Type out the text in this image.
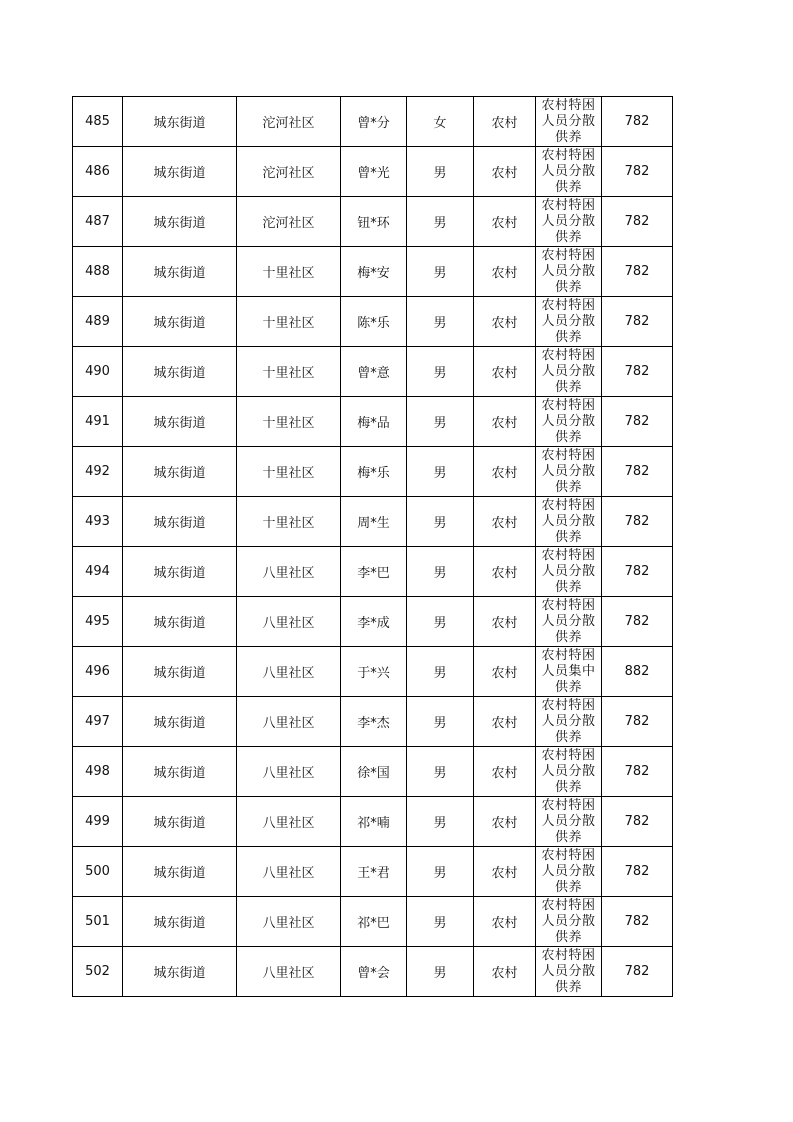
485	城东街道	沱河社区	曾*分	女	农村	农村特困人员分散供养	782
486	城东街道	沱河社区	曾*光	男	农村	农村特困人员分散供养	782
487	城东街道	沱河社区	钮*环	男	农村	农村特困人员分散供养	782
488	城东街道	十里社区	梅*安	男	农村	农村特困人员分散供养	782
489	城东街道	十里社区	陈*乐	男	农村	农村特困人员分散供养	782
490	城东街道	十里社区	曾*意	男	农村	农村特困人员分散供养	782
491	城东街道	十里社区	梅*品	男	农村	农村特困人员分散供养	782
492	城东街道	十里社区	梅*乐	男	农村	农村特困人员分散供养	782
493	城东街道	十里社区	周*生	男	农村	农村特困人员分散供养	782
494	城东街道	八里社区	李*巴	男	农村	农村特困人员分散供养	782
495	城东街道	八里社区	李*成	男	农村	农村特困人员分散供养	782
496	城东街道	八里社区	于*兴	男	农村	农村特困人员集中供养	882
497	城东街道	八里社区	李*杰	男	农村	农村特困人员分散供养	782
498	城东街道	八里社区	徐*国	男	农村	农村特困人员分散供养	782
499	城东街道	八里社区	祁*喃	男	农村	农村特困人员分散供养	782
500	城东街道	八里社区	王*君	男	农村	农村特困人员分散供养	782
501	城东街道	八里社区	祁*巴	男	农村	农村特困人员分散供养	782
502	城东街道	八里社区	曾*会	男	农村	农村特困人员分散供养	782
